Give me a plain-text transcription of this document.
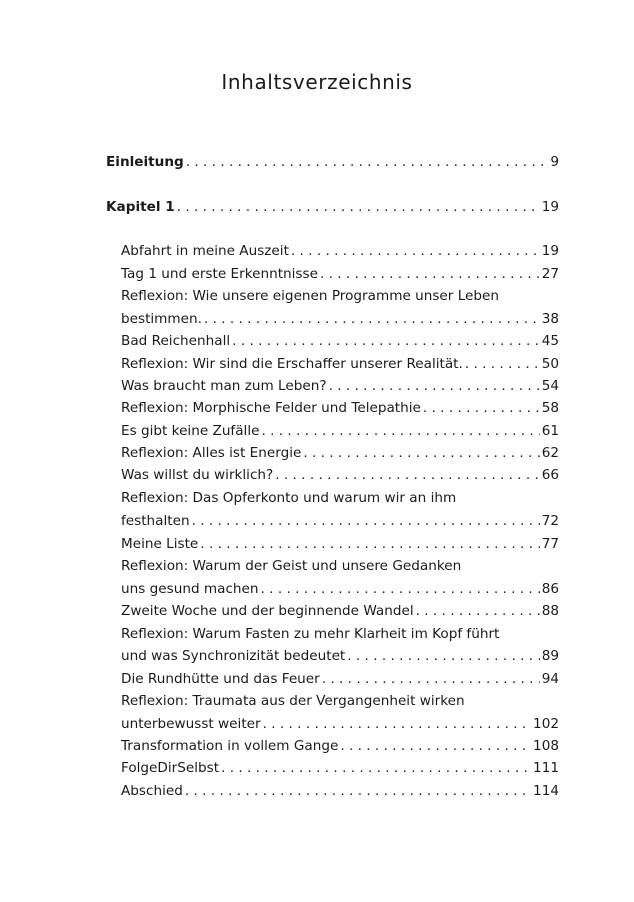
Inhaltsverzeichnis
Einleitung . . .	9
Kapitel 1 . . .	19
Abfahrt in meine Auszeit . . .	19
Tag 1 und erste Erkenntnisse . . .	27
Reflexion: Wie unsere eigenen Programme unser Leben
bestimmen. . . .	38
Bad Reichenhall . . .	45
Reflexion: Wir sind die Erschaffer unserer Realität. . . .	50
Was braucht man zum Leben? . . .	54
Reflexion: Morphische Felder und Telepathie . . .	58
Es gibt keine Zufälle . . .	61
Reflexion: Alles ist Energie . . .	62
Was willst du wirklich? . . .	66
Reflexion: Das Opferkonto und warum wir an ihm
festhalten . . .	72
Meine Liste . . .	77
Reflexion: Warum der Geist und unsere Gedanken
uns gesund machen . . .	86
Zweite Woche und der beginnende Wandel . . .	88
Reflexion: Warum Fasten zu mehr Klarheit im Kopf führt
und was Synchronizität bedeutet . . .	89
Die Rundhütte und das Feuer . . .	94
Reflexion: Traumata aus der Vergangenheit wirken
unterbewusst weiter . . .	102
Transformation in vollem Gange . . .	108
FolgeDirSelbst . . .	111
Abschied . . .	114
